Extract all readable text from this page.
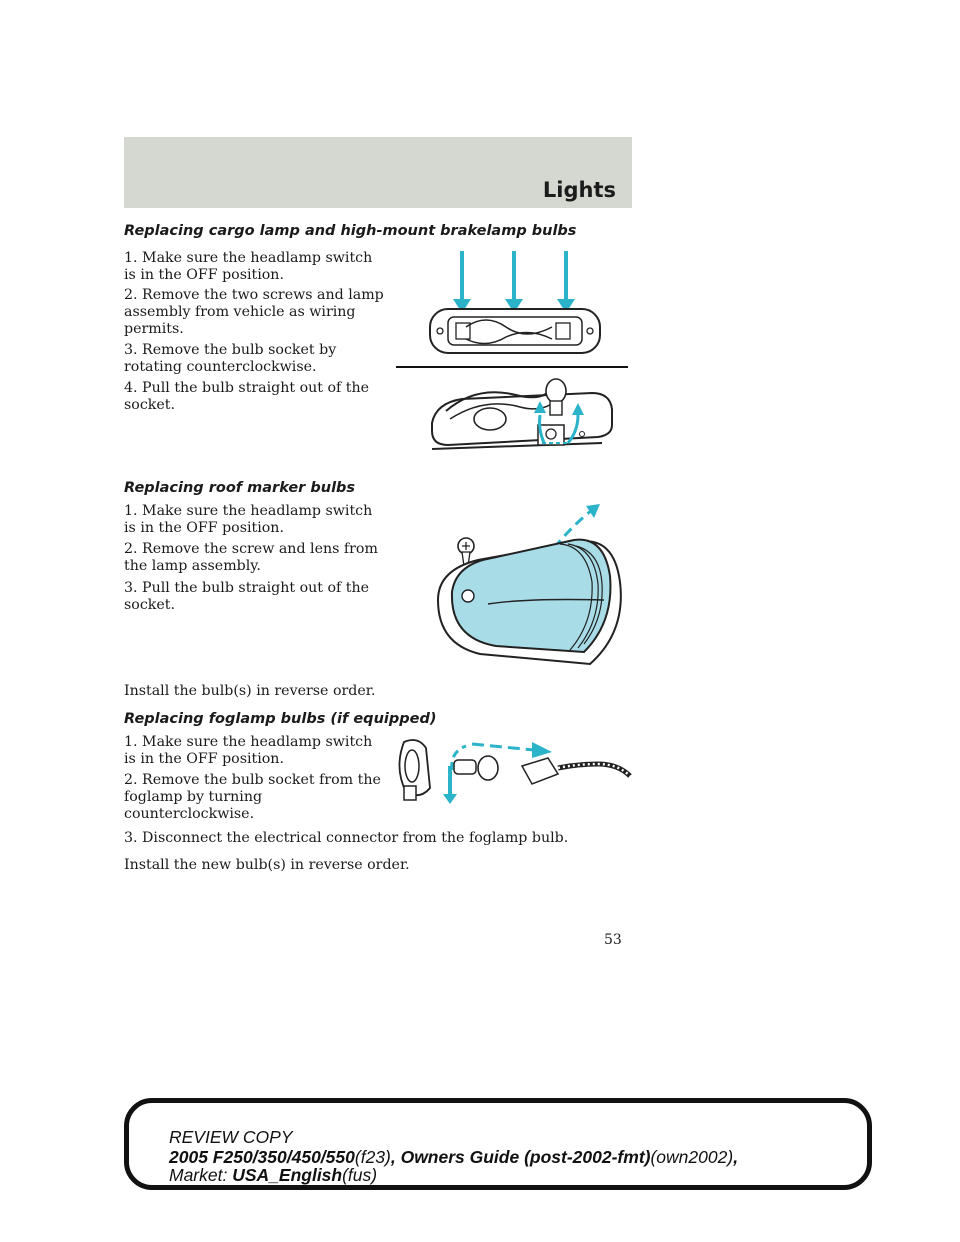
Lights
Replacing cargo lamp and high-mount brakelamp bulbs
1. Make sure the headlamp switch is in the OFF position.
2. Remove the two screws and lamp assembly from vehicle as wiring permits.
3. Remove the bulb socket by rotating counterclockwise.
4. Pull the bulb straight out of the socket.
Replacing roof marker bulbs
1. Make sure the headlamp switch is in the OFF position.
2. Remove the screw and lens from the lamp assembly.
3. Pull the bulb straight out of the socket.
Install the bulb(s) in reverse order.
Replacing foglamp bulbs (if equipped)
1. Make sure the headlamp switch is in the OFF position.
2. Remove the bulb socket from the foglamp by turning counterclockwise.
3. Disconnect the electrical connector from the foglamp bulb.
Install the new bulb(s) in reverse order.
53
REVIEW COPY
2005 F250/350/450/550(f23), Owners Guide (post-2002-fmt)(own2002),
Market: USA_English(fus)
